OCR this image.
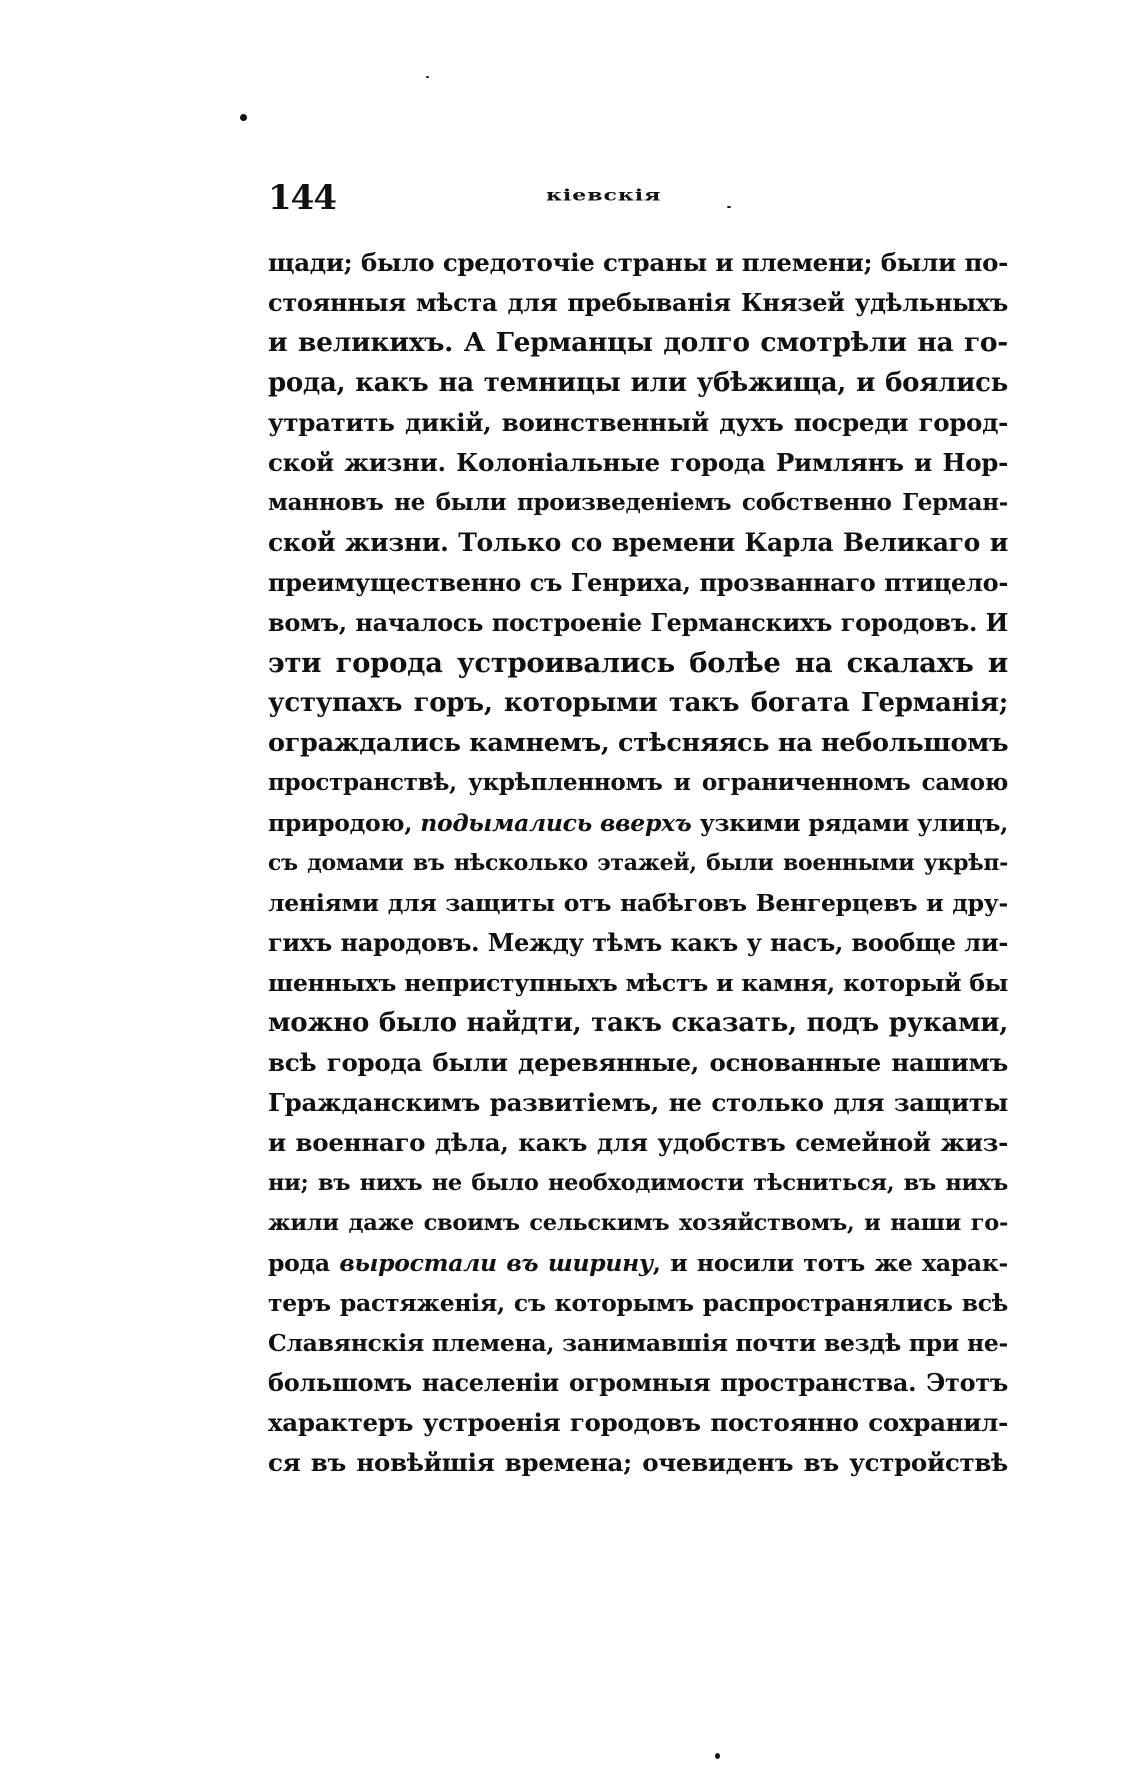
144	кіевскія
щади; было средоточіе страны и племени; были по-
стоянныя мѣста для пребыванія Князей удѣльныхъ
и великихъ. А Германцы долго смотрѣли на го-
рода, какъ на темницы или убѣжища, и боялись
утратить дикій, воинственный духъ посреди город-
ской жизни. Колоніальные города Римлянъ и Нор-
манновъ не были произведеніемъ собственно Герман-
ской жизни. Только со времени Карла Великаго и
преимущественно съ Генриха, прозваннаго птицело-
вомъ, началось построеніе Германскихъ городовъ. И
эти города устроивались болѣе на скалахъ и
уступахъ горъ, которыми такъ богата Германія;
ограждались камнемъ, стѣсняясь на небольшомъ
пространствѣ, укрѣпленномъ и ограниченномъ самою
природою, подымались вверхъ узкими рядами улицъ,
съ домами въ нѣсколько этажей, были военными укрѣп-
леніями для защиты отъ набѣговъ Венгерцевъ и дру-
гихъ народовъ. Между тѣмъ какъ у насъ, вообще ли-
шенныхъ неприступныхъ мѣстъ и камня, который бы
можно было найдти, такъ сказать, подъ руками,
всѣ города были деревянные, основанные нашимъ
Гражданскимъ развитіемъ, не столько для защиты
и военнаго дѣла, какъ для удобствъ семейной жиз-
ни; въ нихъ не было необходимости тѣсниться, въ нихъ
жили даже своимъ сельскимъ хозяйствомъ, и наши го-
рода выростали въ ширину, и носили тотъ же харак-
теръ растяженія, съ которымъ распространялись всѣ
Славянскія племена, занимавшія почти вездѣ при не-
большомъ населеніи огромныя пространства. Этотъ
характеръ устроенія городовъ постоянно сохранил-
ся въ новѣйшія времена; очевиденъ въ устройствѣ
